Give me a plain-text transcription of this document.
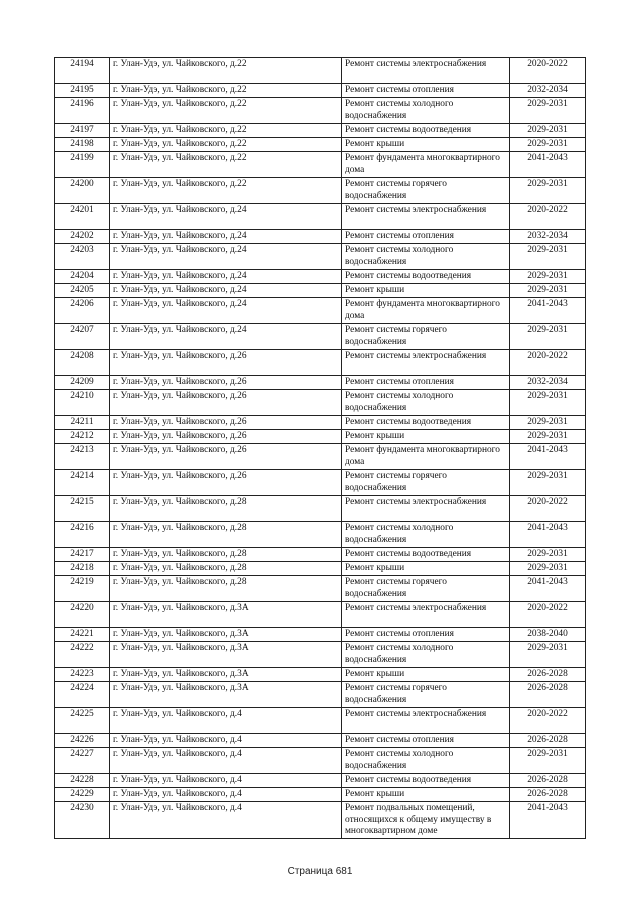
24194	г. Улан-Удэ, ул. Чайковского, д.22	Ремонт системы электроснабжения	2020-2022
24195	г. Улан-Удэ, ул. Чайковского, д.22	Ремонт системы отопления	2032-2034
24196	г. Улан-Удэ, ул. Чайковского, д.22	Ремонт системы холодного водоснабжения	2029-2031
24197	г. Улан-Удэ, ул. Чайковского, д.22	Ремонт системы водоотведения	2029-2031
24198	г. Улан-Удэ, ул. Чайковского, д.22	Ремонт крыши	2029-2031
24199	г. Улан-Удэ, ул. Чайковского, д.22	Ремонт фундамента многоквартирного дома	2041-2043
24200	г. Улан-Удэ, ул. Чайковского, д.22	Ремонт системы горячего водоснабжения	2029-2031
24201	г. Улан-Удэ, ул. Чайковского, д.24	Ремонт системы электроснабжения	2020-2022
24202	г. Улан-Удэ, ул. Чайковского, д.24	Ремонт системы отопления	2032-2034
24203	г. Улан-Удэ, ул. Чайковского, д.24	Ремонт системы холодного водоснабжения	2029-2031
24204	г. Улан-Удэ, ул. Чайковского, д.24	Ремонт системы водоотведения	2029-2031
24205	г. Улан-Удэ, ул. Чайковского, д.24	Ремонт крыши	2029-2031
24206	г. Улан-Удэ, ул. Чайковского, д.24	Ремонт фундамента многоквартирного дома	2041-2043
24207	г. Улан-Удэ, ул. Чайковского, д.24	Ремонт системы горячего водоснабжения	2029-2031
24208	г. Улан-Удэ, ул. Чайковского, д.26	Ремонт системы электроснабжения	2020-2022
24209	г. Улан-Удэ, ул. Чайковского, д.26	Ремонт системы отопления	2032-2034
24210	г. Улан-Удэ, ул. Чайковского, д.26	Ремонт системы холодного водоснабжения	2029-2031
24211	г. Улан-Удэ, ул. Чайковского, д.26	Ремонт системы водоотведения	2029-2031
24212	г. Улан-Удэ, ул. Чайковского, д.26	Ремонт крыши	2029-2031
24213	г. Улан-Удэ, ул. Чайковского, д.26	Ремонт фундамента многоквартирного дома	2041-2043
24214	г. Улан-Удэ, ул. Чайковского, д.26	Ремонт системы горячего водоснабжения	2029-2031
24215	г. Улан-Удэ, ул. Чайковского, д.28	Ремонт системы электроснабжения	2020-2022
24216	г. Улан-Удэ, ул. Чайковского, д.28	Ремонт системы холодного водоснабжения	2041-2043
24217	г. Улан-Удэ, ул. Чайковского, д.28	Ремонт системы водоотведения	2029-2031
24218	г. Улан-Удэ, ул. Чайковского, д.28	Ремонт крыши	2029-2031
24219	г. Улан-Удэ, ул. Чайковского, д.28	Ремонт системы горячего водоснабжения	2041-2043
24220	г. Улан-Удэ, ул. Чайковского, д.3А	Ремонт системы электроснабжения	2020-2022
24221	г. Улан-Удэ, ул. Чайковского, д.3А	Ремонт системы отопления	2038-2040
24222	г. Улан-Удэ, ул. Чайковского, д.3А	Ремонт системы холодного водоснабжения	2029-2031
24223	г. Улан-Удэ, ул. Чайковского, д.3А	Ремонт крыши	2026-2028
24224	г. Улан-Удэ, ул. Чайковского, д.3А	Ремонт системы горячего водоснабжения	2026-2028
24225	г. Улан-Удэ, ул. Чайковского, д.4	Ремонт системы электроснабжения	2020-2022
24226	г. Улан-Удэ, ул. Чайковского, д.4	Ремонт системы отопления	2026-2028
24227	г. Улан-Удэ, ул. Чайковского, д.4	Ремонт системы холодного водоснабжения	2029-2031
24228	г. Улан-Удэ, ул. Чайковского, д.4	Ремонт системы водоотведения	2026-2028
24229	г. Улан-Удэ, ул. Чайковского, д.4	Ремонт крыши	2026-2028
24230	г. Улан-Удэ, ул. Чайковского, д.4	Ремонт подвальных помещений, относящихся к общему имуществу в многоквартирном доме	2041-2043
Страница 681
